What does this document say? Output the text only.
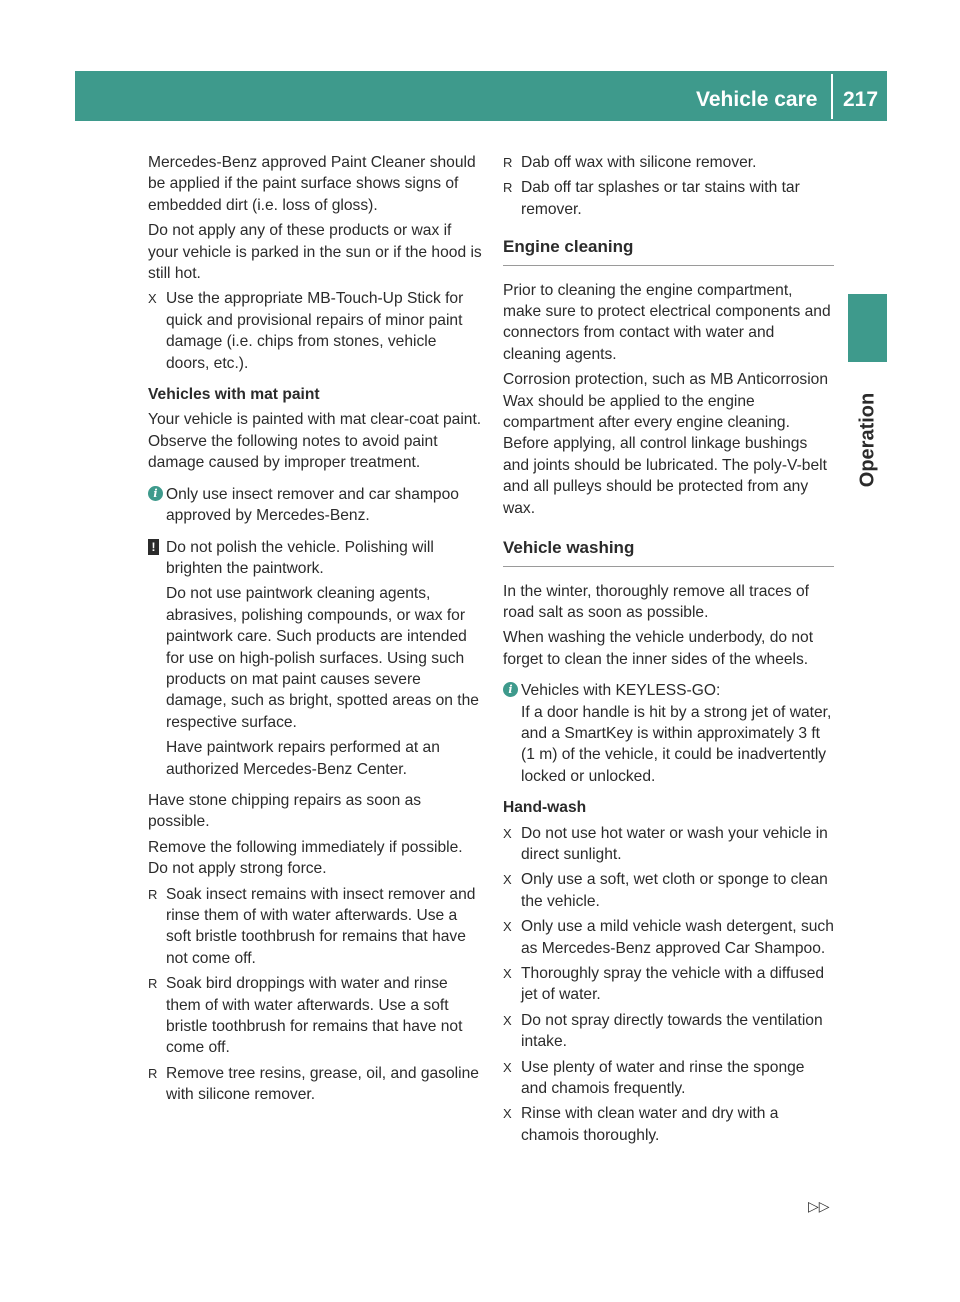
Vehicle care 217
Operation

Mercedes-Benz approved Paint Cleaner should be applied if the paint surface shows signs of embedded dirt (i.e. loss of gloss).

Do not apply any of these products or wax if your vehicle is parked in the sun or if the hood is still hot.

X Use the appropriate MB-Touch-Up Stick for quick and provisional repairs of minor paint damage (i.e. chips from stones, vehicle doors, etc.).

Vehicles with mat paint

Your vehicle is painted with mat clear-coat paint. Observe the following notes to avoid paint damage caused by improper treatment.

i Only use insect remover and car shampoo approved by Mercedes-Benz.
! Do not polish the vehicle. Polishing will brighten the paintwork.

Do not use paintwork cleaning agents, abrasives, polishing compounds, or wax for paintwork care. Such products are intended for use on high-polish surfaces. Using such products on mat paint causes severe damage, such as bright, spotted areas on the respective surface.

Have paintwork repairs performed at an authorized Mercedes-Benz Center.

Have stone chipping repairs as soon as possible.

Remove the following immediately if possible. Do not apply strong force.

R Soak insect remains with insect remover and rinse them of with water afterwards. Use a soft bristle toothbrush for remains that have not come off.
R Soak bird droppings with water and rinse them of with water afterwards. Use a soft bristle toothbrush for remains that have not come off.
R Remove tree resins, grease, oil, and gasoline with silicone remover.
R Dab off wax with silicone remover.
R Dab off tar splashes or tar stains with tar remover.
Engine cleaning

Prior to cleaning the engine compartment, make sure to protect electrical components and connectors from contact with water and cleaning agents.

Corrosion protection, such as MB Anticorrosion Wax should be applied to the engine compartment after every engine cleaning. Before applying, all control linkage bushings and joints should be lubricated. The poly-V-belt and all pulleys should be protected from any wax.

Vehicle washing

In the winter, thoroughly remove all traces of road salt as soon as possible.

When washing the vehicle underbody, do not forget to clean the inner sides of the wheels.

i Vehicles with KEYLESS-GO:
If a door handle is hit by a strong jet of water, and a SmartKey is within approximately 3 ft (1 m) of the vehicle, it could be inadvertently locked or unlocked.

Hand-wash

X Do not use hot water or wash your vehicle in direct sunlight.
X Only use a soft, wet cloth or sponge to clean the vehicle.
X Only use a mild vehicle wash detergent, such as Mercedes-Benz approved Car Shampoo.
X Thoroughly spray the vehicle with a diffused jet of water.
X Do not spray directly towards the ventilation intake.
X Use plenty of water and rinse the sponge and chamois frequently.
X Rinse with clean water and dry with a chamois thoroughly.
▷▷
